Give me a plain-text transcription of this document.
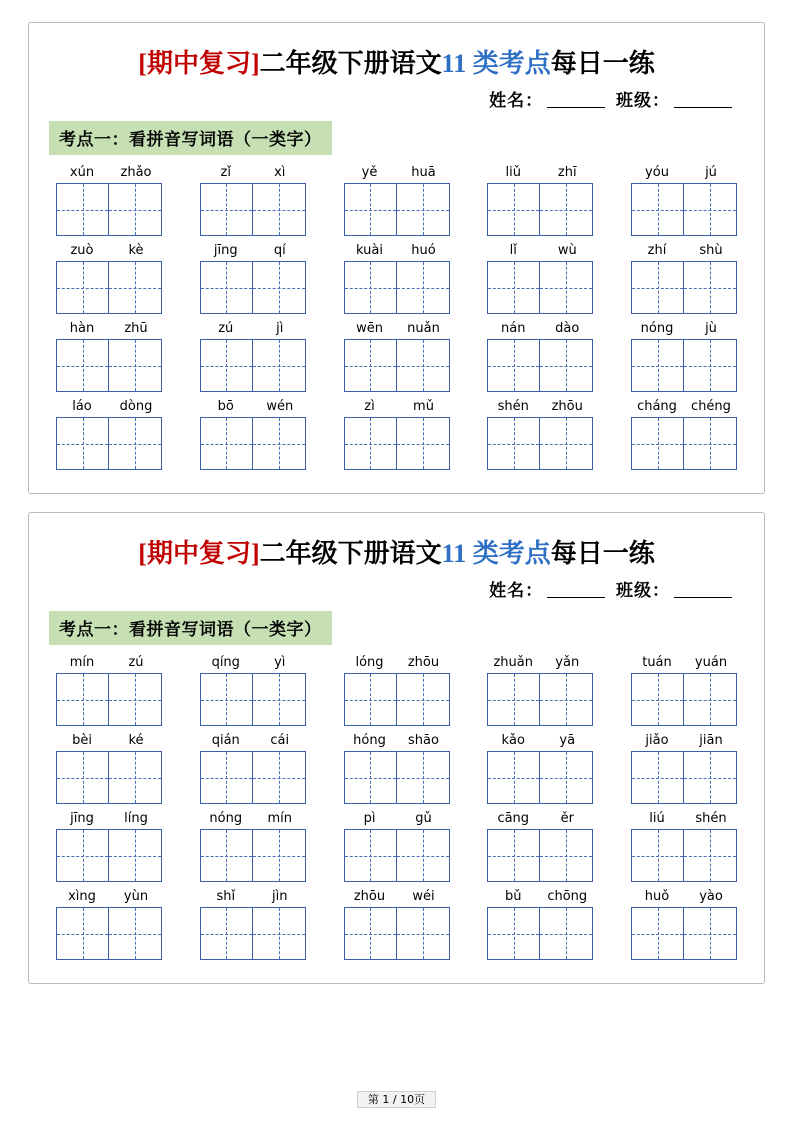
[期中复习]二年级下册语文11 类考点每日一练
姓名：	班级：
考点一：看拼音写词语（一类字）
xún	zhǎo	zǐ	xì	yě	huā	liǔ	zhī	yóu	jú
zuò	kè	jīng	qí	kuài	huó	lǐ	wù	zhí	shù
hàn	zhū	zú	jì	wēn	nuǎn	nán	dào	nóng	jù
láo	dòng	bō	wén	zì	mǔ	shén	zhōu	cháng	chéng
[期中复习]二年级下册语文11 类考点每日一练
姓名：	班级：
考点一：看拼音写词语（一类字）
mín	zú	qíng	yì	lóng	zhōu	zhuǎn	yǎn	tuán	yuán
bèi	ké	qián	cái	hóng	shāo	kǎo	yā	jiǎo	jiān
jīng	líng	nóng	mín	pì	gǔ	cāng	ěr	liú	shén
xìng	yùn	shǐ	jìn	zhōu	wéi	bǔ	chōng	huǒ	yào
第 1 / 10页
